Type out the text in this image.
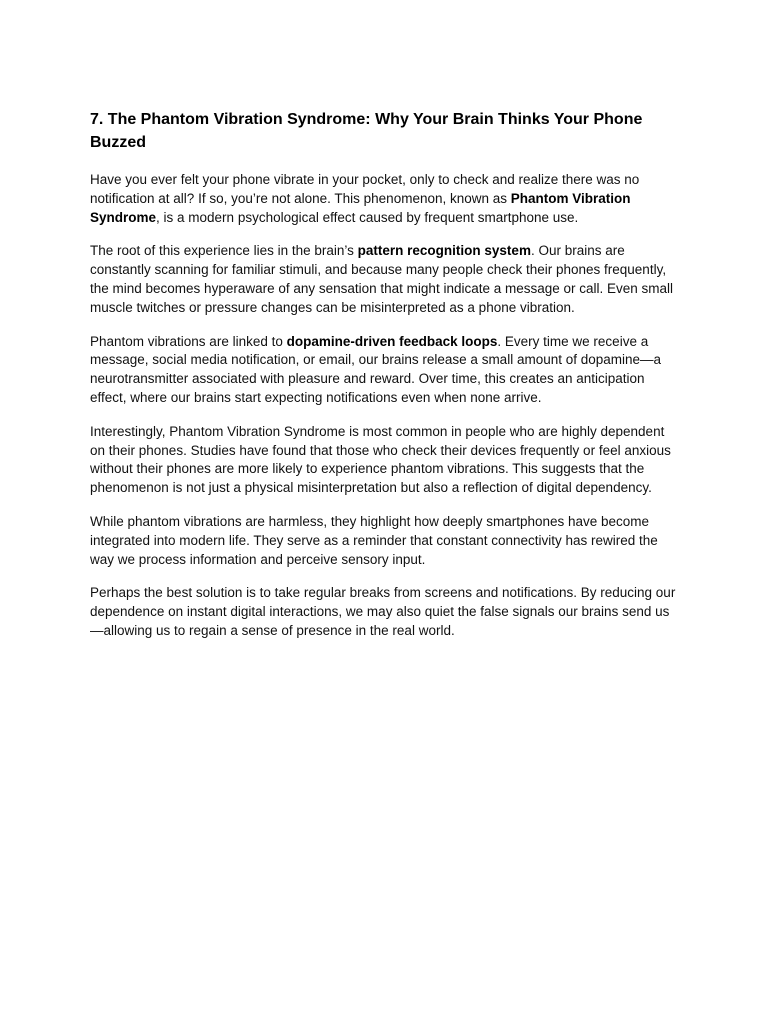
7. The Phantom Vibration Syndrome: Why Your Brain Thinks Your Phone Buzzed

Have you ever felt your phone vibrate in your pocket, only to check and realize there was no notification at all? If so, you’re not alone. This phenomenon, known as Phantom Vibration Syndrome, is a modern psychological effect caused by frequent smartphone use.

The root of this experience lies in the brain’s pattern recognition system. Our brains are constantly scanning for familiar stimuli, and because many people check their phones frequently, the mind becomes hyperaware of any sensation that might indicate a message or call. Even small muscle twitches or pressure changes can be misinterpreted as a phone vibration.

Phantom vibrations are linked to dopamine-driven feedback loops. Every time we receive a message, social media notification, or email, our brains release a small amount of dopamine—a neurotransmitter associated with pleasure and reward. Over time, this creates an anticipation effect, where our brains start expecting notifications even when none arrive.

Interestingly, Phantom Vibration Syndrome is most common in people who are highly dependent on their phones. Studies have found that those who check their devices frequently or feel anxious without their phones are more likely to experience phantom vibrations. This suggests that the phenomenon is not just a physical misinterpretation but also a reflection of digital dependency.

While phantom vibrations are harmless, they highlight how deeply smartphones have become integrated into modern life. They serve as a reminder that constant connectivity has rewired the way we process information and perceive sensory input.

Perhaps the best solution is to take regular breaks from screens and notifications. By reducing our dependence on instant digital interactions, we may also quiet the false signals our brains send us—allowing us to regain a sense of presence in the real world.
